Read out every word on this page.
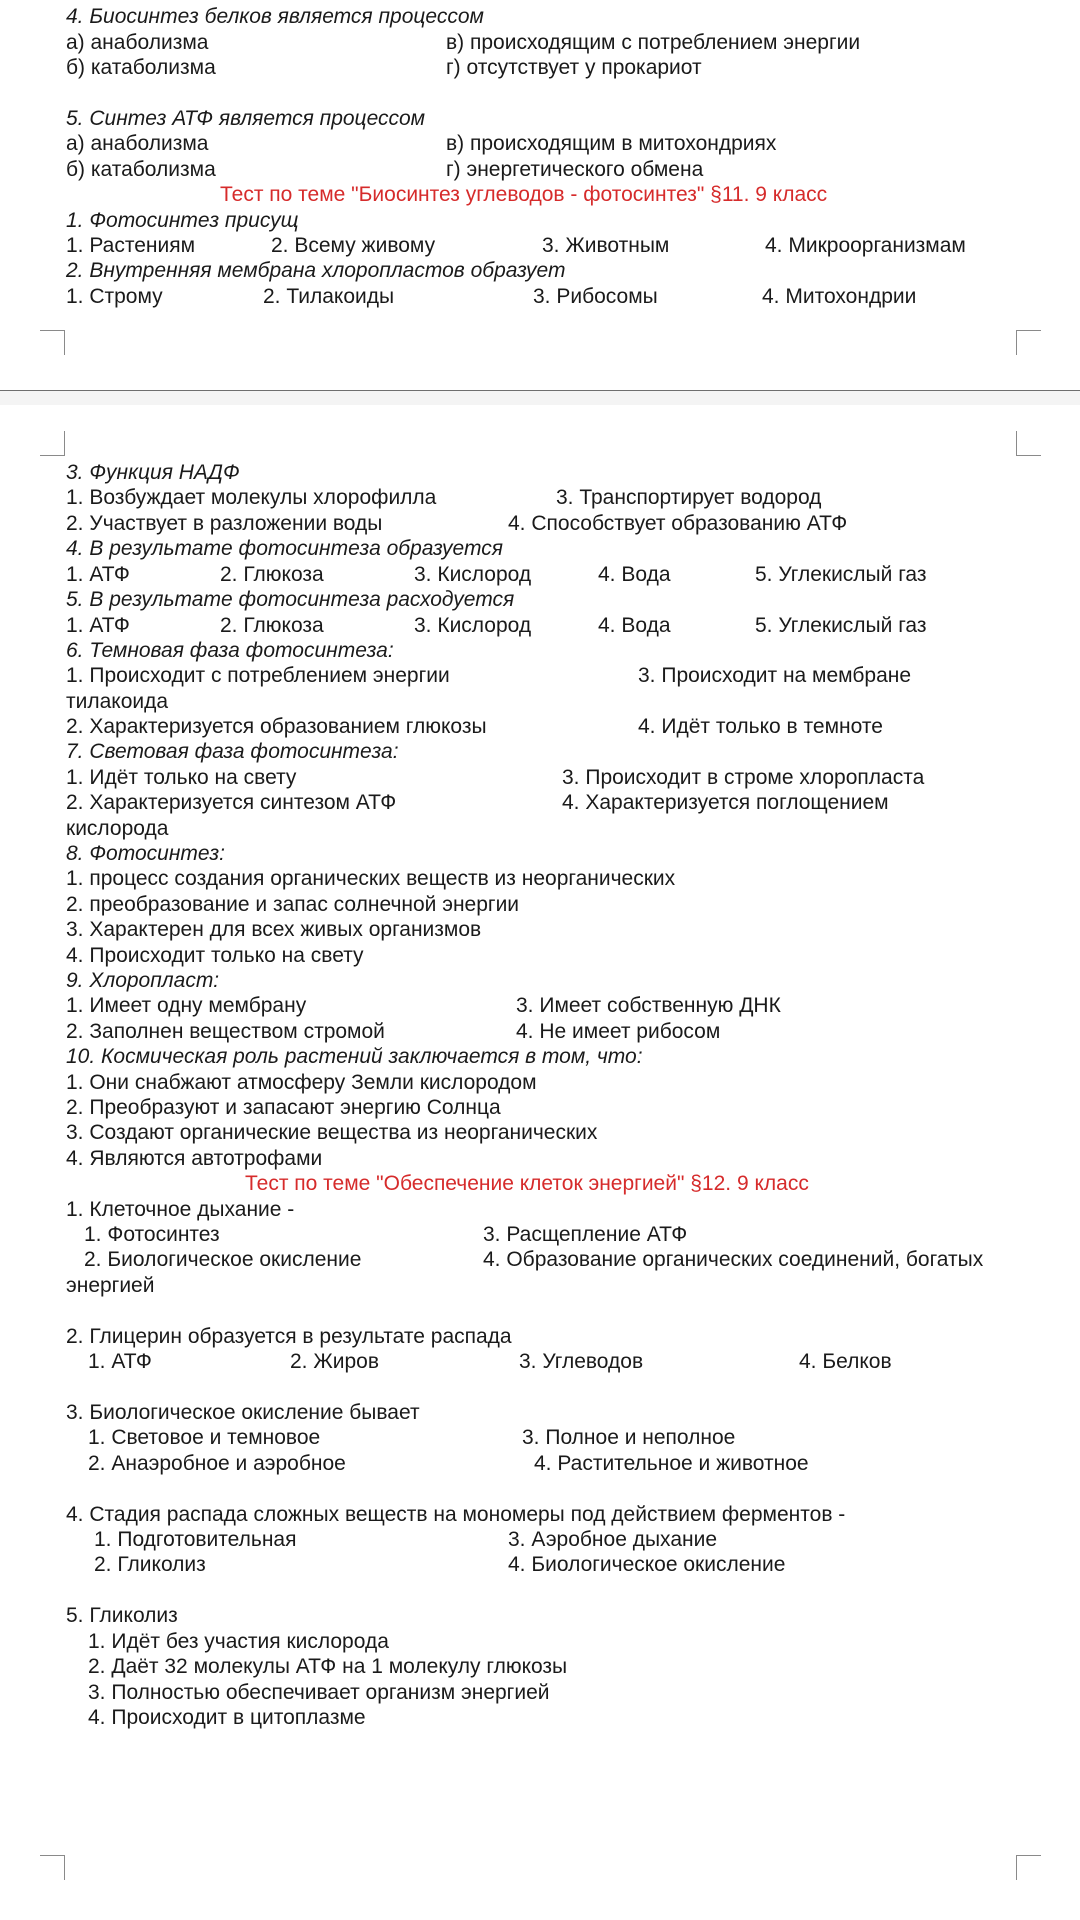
4. Биосинтез белков является процессом
а) анаболизма	в) происходящим с потреблением энергии
б) катаболизма	г) отсутствует у прокариот
5. Синтез АТФ является процессом
а) анаболизма	в) происходящим в митохондриях
б) катаболизма	г) энергетического обмена
Тест по теме "Биосинтез углеводов - фотосинтез" §11. 9 класс
1. Фотосинтез присущ
1. Растениям	2. Всему живому	3. Животным	4. Микроорганизмам
2. Внутренняя мембрана хлоропластов образует
1. Строму	2. Тилакоиды	3. Рибосомы	4. Митохондрии
3. Функция НАДФ
1. Возбуждает молекулы хлорофилла	3. Транспортирует водород
2. Участвует в разложении воды	4. Способствует образованию АТФ
4. В результате фотосинтеза образуется
1. АТФ	2. Глюкоза	3. Кислород	4. Вода	5. Углекислый газ
5. В результате фотосинтеза расходуется
1. АТФ	2. Глюкоза	3. Кислород	4. Вода	5. Углекислый газ
6. Темновая фаза фотосинтеза:
1. Происходит с потреблением энергии	3. Происходит на мембране
тилакоида
2. Характеризуется образованием глюкозы	4. Идёт только в темноте
7. Световая фаза фотосинтеза:
1. Идёт только на свету	3. Происходит в строме хлоропласта
2. Характеризуется синтезом АТФ	4. Характеризуется поглощением
кислорода
8. Фотосинтез:
1. процесс создания органических веществ из неорганических
2. преобразование и запас солнечной энергии
3. Характерен для всех живых организмов
4. Происходит только на свету
9. Хлоропласт:
1. Имеет одну мембрану	3. Имеет собственную ДНК
2. Заполнен веществом стромой	4. Не имеет рибосом
10. Космическая роль растений заключается в том, что:
1. Они снабжают атмосферу Земли кислородом
2. Преобразуют и запасают энергию Солнца
3. Создают органические вещества из неорганических
4. Являются автотрофами
Тест по теме "Обеспечение клеток энергией" §12. 9 класс
1. Клеточное дыхание -
1. Фотосинтез	3. Расщепление АТФ
2. Биологическое окисление	4. Образование органических соединений, богатых
энергией
2. Глицерин образуется в результате распада
1. АТФ	2. Жиров	3. Углеводов	4. Белков
3. Биологическое окисление бывает
1. Световое и темновое	3. Полное и неполное
2. Анаэробное и аэробное	4. Растительное и животное
4. Стадия распада сложных веществ на мономеры под действием ферментов -
1. Подготовительная	3. Аэробное дыхание
2. Гликолиз	4. Биологическое окисление
5. Гликолиз
1. Идёт без участия кислорода
2. Даёт 32 молекулы АТФ на 1 молекулу глюкозы
3. Полностью обеспечивает организм энергией
4. Происходит в цитоплазме
